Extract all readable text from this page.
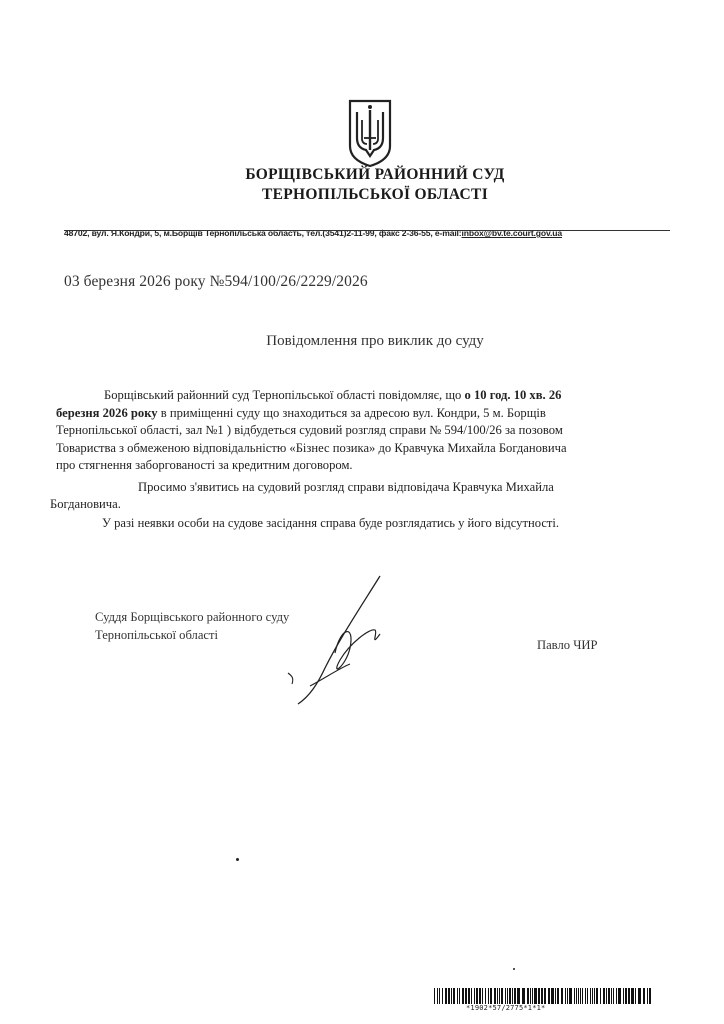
БОРЩІВСЬКИЙ РАЙОННИЙ СУД
ТЕРНОПІЛЬСЬКОЇ ОБЛАСТІ
48702, вул. Я.Кондри, 5, м.Борщів Тернопільська область, тел.(3541)2-11-99, факс 2-36-55, e-mail:inbox@bv.te.court.gov.ua
03 березня 2026 року №594/100/26/2229/2026
Повідомлення про виклик до суду
Борщівський районний суд Тернопільської області повідомляє, що о 10 год. 10 хв. 26
березня 2026 року в приміщенні суду що знаходиться за адресою вул. Кондри, 5 м. Борщів
Тернопільської області, зал №1 ) відбудеться судовий розгляд справи № 594/100/26 за позовом
Товариства з обмеженою відповідальністю «Бізнес позика» до Кравчука Михайла Богдановича
про стягнення заборгованості за кредитним договором.
Просимо з'явитись на судовий розгляд справи відповідача Кравчука Михайла
Богдановича.
У разі неявки особи на судове засідання справа буде розглядатись у його відсутності.
Суддя Борщівського районного суду
Тернопільської області
Павло ЧИР
*1902*57/2775*1*1*
